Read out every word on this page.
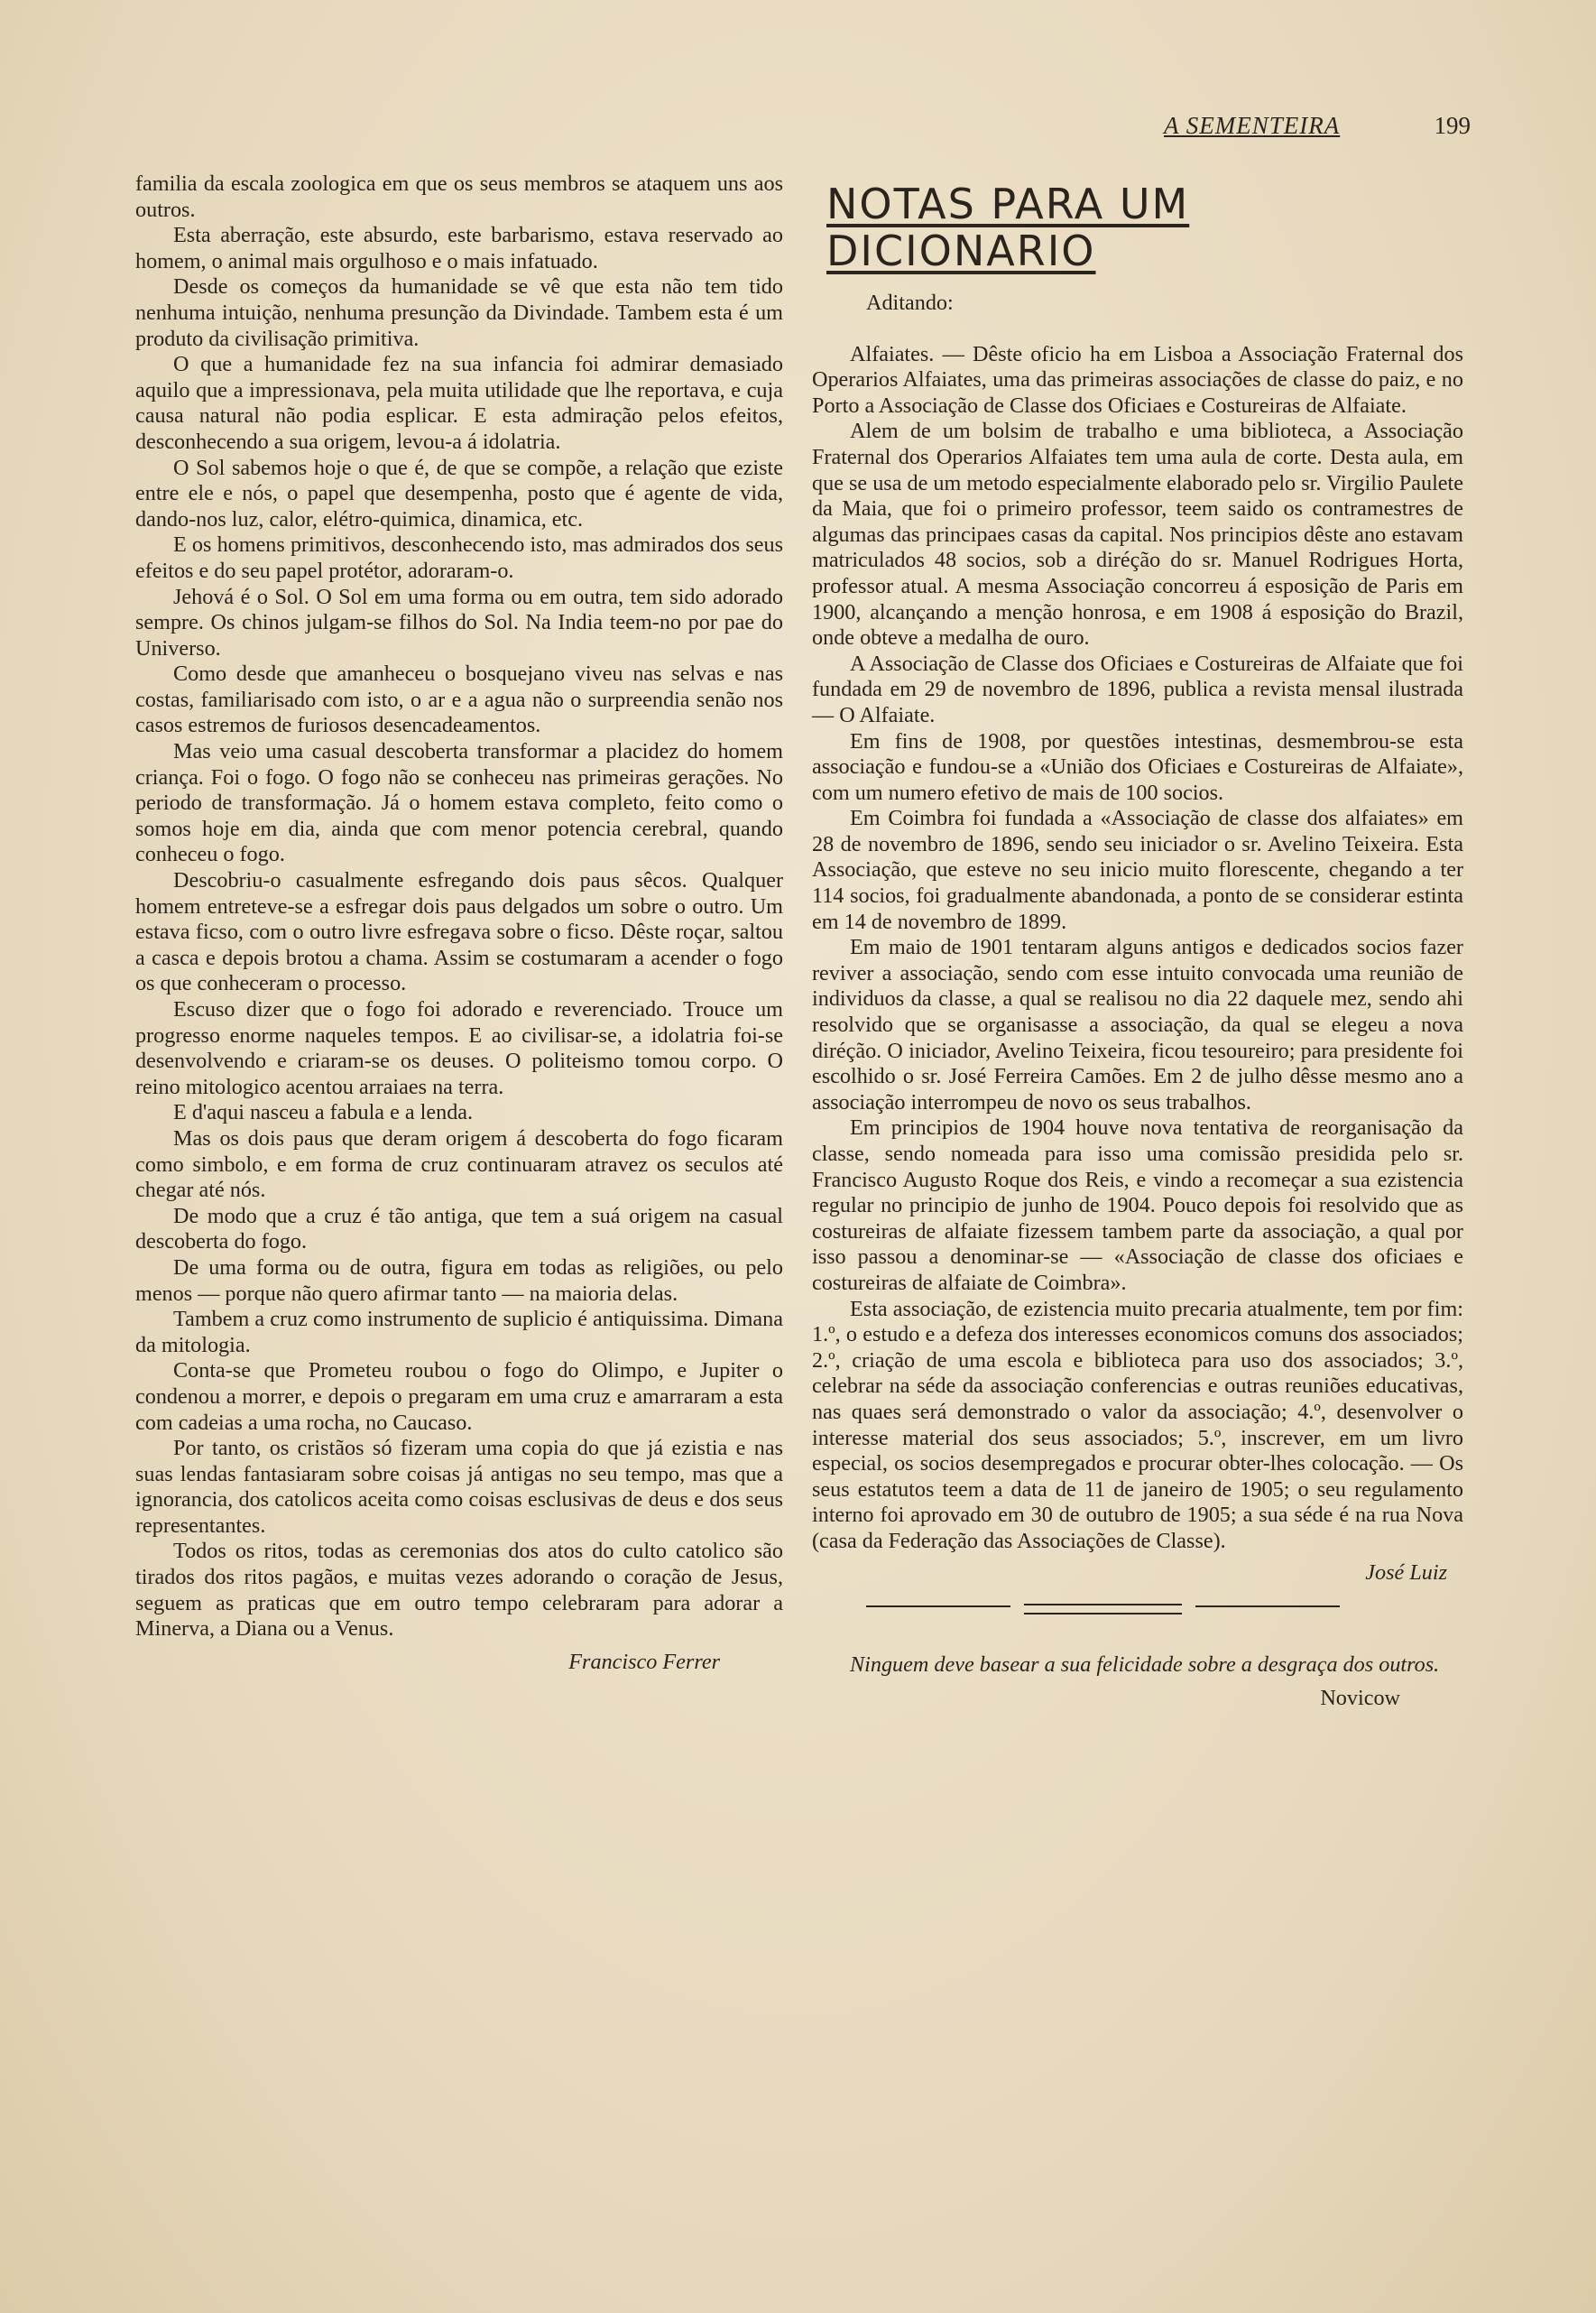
A SEMENTEIRA	199

familia da escala zoologica em que os seus membros se ataquem uns aos outros.

Esta aberração, este absurdo, este barbarismo, estava reservado ao homem, o animal mais orgulhoso e o mais infatuado.

Desde os começos da humanidade se vê que esta não tem tido nenhuma intuição, nenhuma presunção da Divindade. Tambem esta é um produto da civilisação primitiva.

O que a humanidade fez na sua infancia foi admirar demasiado aquilo que a impressionava, pela muita utilidade que lhe reportava, e cuja causa natural não podia esplicar. E esta admiração pelos efeitos, desconhecendo a sua origem, levou-a á idolatria.

O Sol sabemos hoje o que é, de que se compõe, a relação que eziste entre ele e nós, o papel que desempenha, posto que é agente de vida, dando-nos luz, calor, elétro-quimica, dinamica, etc.

E os homens primitivos, desconhecendo isto, mas admirados dos seus efeitos e do seu papel protétor, adoraram-o.

Jehová é o Sol. O Sol em uma forma ou em outra, tem sido adorado sempre. Os chinos julgam-se filhos do Sol. Na India teem-no por pae do Universo.

Como desde que amanheceu o bosquejano viveu nas selvas e nas costas, familiarisado com isto, o ar e a agua não o surpreendia senão nos casos estremos de furiosos desencadeamentos.

Mas veio uma casual descoberta transformar a placidez do homem criança. Foi o fogo. O fogo não se conheceu nas primeiras gerações. No periodo de transformação. Já o homem estava completo, feito como o somos hoje em dia, ainda que com menor potencia cerebral, quando conheceu o fogo.

Descobriu-o casualmente esfregando dois paus sêcos. Qualquer homem entreteve-se a esfregar dois paus delgados um sobre o outro. Um estava ficso, com o outro livre esfregava sobre o ficso. Dêste roçar, saltou a casca e depois brotou a chama. Assim se costumaram a acender o fogo os que conheceram o processo.

Escuso dizer que o fogo foi adorado e reverenciado. Trouce um progresso enorme naqueles tempos. E ao civilisar-se, a idolatria foi-se desenvolvendo e criaram-se os deuses. O politeismo tomou corpo. O reino mitologico acentou arraiaes na terra.

E d'aqui nasceu a fabula e a lenda.

Mas os dois paus que deram origem á descoberta do fogo ficaram como simbolo, e em forma de cruz continuaram atravez os seculos até chegar até nós.

De modo que a cruz é tão antiga, que tem a suá origem na casual descoberta do fogo.

De uma forma ou de outra, figura em todas as religiões, ou pelo menos — porque não quero afirmar tanto — na maioria delas.

Tambem a cruz como instrumento de suplicio é antiquissima. Dimana da mitologia.

Conta-se que Prometeu roubou o fogo do Olimpo, e Jupiter o condenou a morrer, e depois o pregaram em uma cruz e amarraram a esta com cadeias a uma rocha, no Caucaso.

Por tanto, os cristãos só fizeram uma copia do que já ezistia e nas suas lendas fantasiaram sobre coisas já antigas no seu tempo, mas que a ignorancia, dos catolicos aceita como coisas esclusivas de deus e dos seus representantes.

Todos os ritos, todas as ceremonias dos atos do culto catolico são tirados dos ritos pagãos, e muitas vezes adorando o coração de Jesus, seguem as praticas que em outro tempo celebraram para adorar a Minerva, a Diana ou a Venus.

Francisco Ferrer

NOTAS PARA UM DICIONARIO

Aditando:

Alfaiates. — Dêste oficio ha em Lisboa a Associação Fraternal dos Operarios Alfaiates, uma das primeiras associações de classe do paiz, e no Porto a Associação de Classe dos Oficiaes e Costureiras de Alfaiate.

Alem de um bolsim de trabalho e uma biblioteca, a Associação Fraternal dos Operarios Alfaiates tem uma aula de corte. Desta aula, em que se usa de um metodo especialmente elaborado pelo sr. Virgilio Paulete da Maia, que foi o primeiro professor, teem saido os contramestres de algumas das principaes casas da capital. Nos principios dêste ano estavam matriculados 48 socios, sob a diréção do sr. Manuel Rodrigues Horta, professor atual. A mesma Associação concorreu á esposição de Paris em 1900, alcançando a menção honrosa, e em 1908 á esposição do Brazil, onde obteve a medalha de ouro.

A Associação de Classe dos Oficiaes e Costureiras de Alfaiate que foi fundada em 29 de novembro de 1896, publica a revista mensal ilustrada — O Alfaiate.

Em fins de 1908, por questões intestinas, desmembrou-se esta associação e fundou-se a «União dos Oficiaes e Costureiras de Alfaiate», com um numero efetivo de mais de 100 socios.

Em Coimbra foi fundada a «Associação de classe dos alfaiates» em 28 de novembro de 1896, sendo seu iniciador o sr. Avelino Teixeira. Esta Associação, que esteve no seu inicio muito florescente, chegando a ter 114 socios, foi gradualmente abandonada, a ponto de se considerar estinta em 14 de novembro de 1899.

Em maio de 1901 tentaram alguns antigos e dedicados socios fazer reviver a associação, sendo com esse intuito convocada uma reunião de individuos da classe, a qual se realisou no dia 22 daquele mez, sendo ahi resolvido que se organisasse a associação, da qual se elegeu a nova diréção. O iniciador, Avelino Teixeira, ficou tesoureiro; para presidente foi escolhido o sr. José Ferreira Camões. Em 2 de julho dêsse mesmo ano a associação interrompeu de novo os seus trabalhos.

Em principios de 1904 houve nova tentativa de reorganisação da classe, sendo nomeada para isso uma comissão presidida pelo sr. Francisco Augusto Roque dos Reis, e vindo a recomeçar a sua ezistencia regular no principio de junho de 1904. Pouco depois foi resolvido que as costureiras de alfaiate fizessem tambem parte da associação, a qual por isso passou a denominar-se — «Associação de classe dos oficiaes e costureiras de alfaiate de Coimbra».

Esta associação, de ezistencia muito precaria atualmente, tem por fim: 1.º, o estudo e a defeza dos interesses economicos comuns dos associados; 2.º, criação de uma escola e biblioteca para uso dos associados; 3.º, celebrar na séde da associação conferencias e outras reuniões educativas, nas quaes será demonstrado o valor da associação; 4.º, desenvolver o interesse material dos seus associados; 5.º, inscrever, em um livro especial, os socios desempregados e procurar obter-lhes colocação. — Os seus estatutos teem a data de 11 de janeiro de 1905; o seu regulamento interno foi aprovado em 30 de outubro de 1905; a sua séde é na rua Nova (casa da Federação das Associações de Classe).

José Luiz

Ninguem deve basear a sua felicidade sobre a desgraça dos outros.

Novicow
